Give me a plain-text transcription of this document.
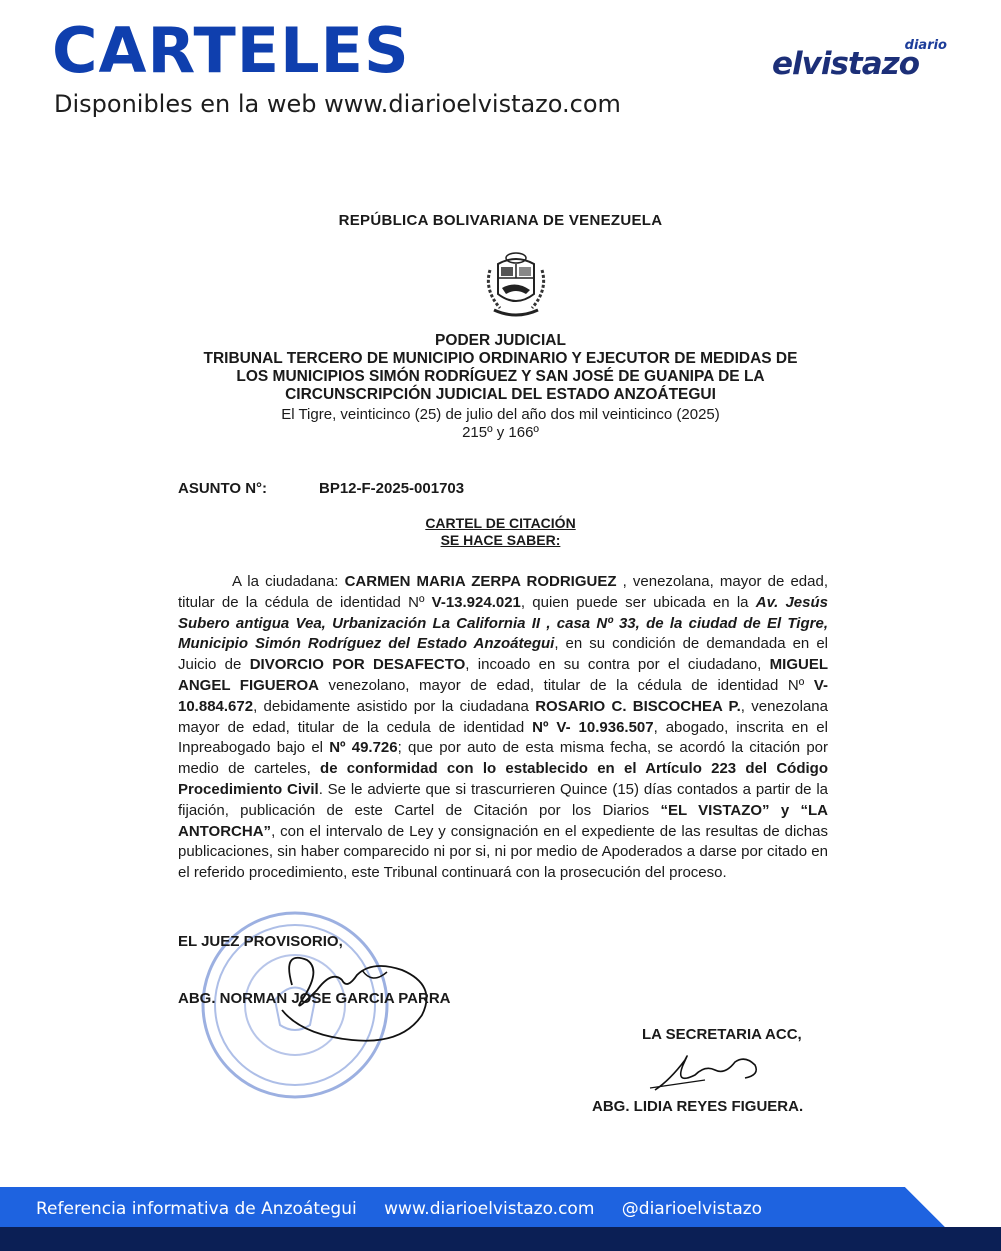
CARTELES
Disponibles en la web www.diarioelvistazo.com
diario
elvistazo
REPÚBLICA BOLIVARIANA DE VENEZUELA
PODER JUDICIAL
TRIBUNAL TERCERO DE MUNICIPIO ORDINARIO Y EJECUTOR DE MEDIDAS DE
LOS MUNICIPIOS SIMÓN RODRÍGUEZ Y SAN JOSÉ DE GUANIPA DE LA
CIRCUNSCRIPCIÓN JUDICIAL DEL ESTADO ANZOÁTEGUI
El Tigre, veinticinco (25) de julio del año dos mil veinticinco (2025)
215º y 166º
ASUNTO N°:	BP12-F-2025-001703
CARTEL DE CITACIÓN
SE HACE SABER:

A la ciudadana: CARMEN MARIA ZERPA RODRIGUEZ , venezolana, mayor de edad, titular de la cédula de identidad Nº V-13.924.021, quien puede ser ubicada en la Av. Jesús Subero antigua Vea, Urbanización La California II , casa Nº 33, de la ciudad de El Tigre, Municipio Simón Rodríguez del Estado Anzoátegui, en su condición de demandada en el Juicio de DIVORCIO POR DESAFECTO, incoado en su contra por el ciudadano, MIGUEL ANGEL FIGUEROA venezolano, mayor de edad, titular de la cédula de identidad Nº V-10.884.672, debidamente asistido por la ciudadana ROSARIO C. BISCOCHEA P., venezolana mayor de edad, titular de la cedula de identidad Nº V- 10.936.507, abogado, inscrita en el Inpreabogado bajo el Nº 49.726; que por auto de esta misma fecha, se acordó la citación por medio de carteles, de conformidad con lo establecido en el Artículo 223 del Código Procedimiento Civil. Se le advierte que si trascurrieren Quince (15) días contados a partir de la fijación, publicación de este Cartel de Citación por los Diarios “EL VISTAZO” y “LA ANTORCHA”, con el intervalo de Ley y consignación en el expediente de las resultas de dichas publicaciones, sin haber comparecido ni por si, ni por medio de Apoderados a darse por citado en el referido procedimiento, este Tribunal continuará con la prosecución del proceso.

EL JUEZ PROVISORIO,
ABG. NORMAN JOSE GARCIA PARRA
LA SECRETARIA ACC,
ABG. LIDIA REYES FIGUERA.
Referencia informativa de Anzoátegui www.diarioelvistazo.com @diarioelvistazo
